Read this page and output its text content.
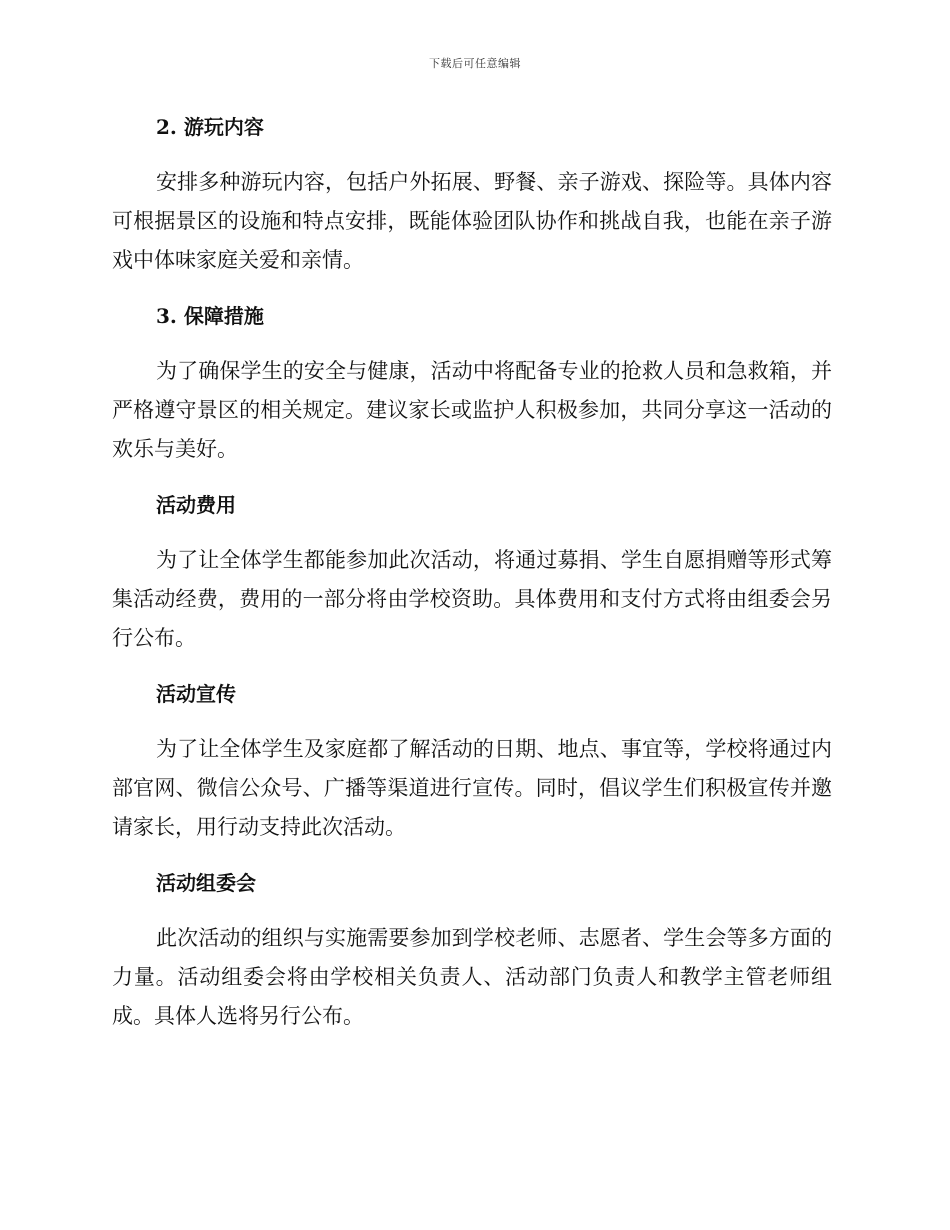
下载后可任意编辑
2. 游玩内容

安排多种游玩内容，包括户外拓展、野餐、亲子游戏、探险等。具体内容可根据景区的设施和特点安排，既能体验团队协作和挑战自我，也能在亲子游戏中体味家庭关爱和亲情。

3. 保障措施

为了确保学生的安全与健康，活动中将配备专业的抢救人员和急救箱，并严格遵守景区的相关规定。建议家长或监护人积极参加，共同分享这一活动的欢乐与美好。

活动费用

为了让全体学生都能参加此次活动，将通过募捐、学生自愿捐赠等形式筹集活动经费，费用的一部分将由学校资助。具体费用和支付方式将由组委会另行公布。

活动宣传

为了让全体学生及家庭都了解活动的日期、地点、事宜等，学校将通过内部官网、微信公众号、广播等渠道进行宣传。同时，倡议学生们积极宣传并邀请家长，用行动支持此次活动。

活动组委会

此次活动的组织与实施需要参加到学校老师、志愿者、学生会等多方面的力量。活动组委会将由学校相关负责人、活动部门负责人和教学主管老师组成。具体人选将另行公布。
